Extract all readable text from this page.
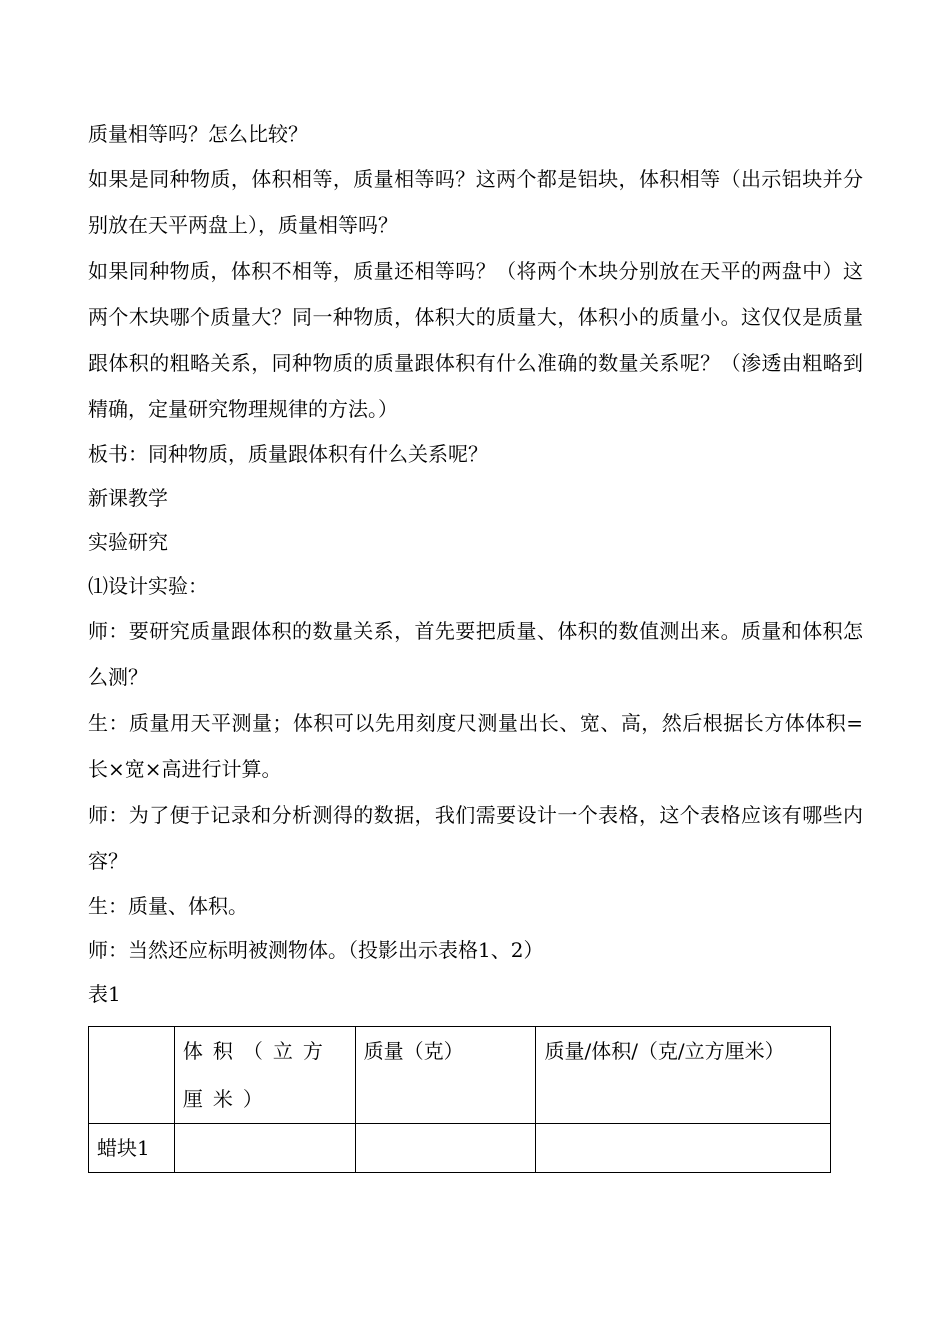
质量相等吗？怎么比较？

如果是同种物质，体积相等，质量相等吗？这两个都是铝块，体积相等（出示铝块并分别放在天平两盘上），质量相等吗？

如果同种物质，体积不相等，质量还相等吗？（将两个木块分别放在天平的两盘中）这两个木块哪个质量大？同一种物质，体积大的质量大，体积小的质量小。这仅仅是质量跟体积的粗略关系，同种物质的质量跟体积有什么准确的数量关系呢？（渗透由粗略到精确，定量研究物理规律的方法。）

板书：同种物质，质量跟体积有什么关系呢？

新课教学

实验研究

⑴设计实验：

师：要研究质量跟体积的数量关系，首先要把质量、体积的数值测出来。质量和体积怎么测？

生：质量用天平测量；体积可以先用刻度尺测量出长、宽、高，然后根据长方体体积=长×宽×高进行计算。

师：为了便于记录和分析测得的数据，我们需要设计一个表格，这个表格应该有哪些内容？

生：质量、体积。

师：当然还应标明被测物体。（投影出示表格1、2）

表1

	体积（立方厘米）	质量（克）	质量/体积/（克/立方厘米）
蜡块1			
